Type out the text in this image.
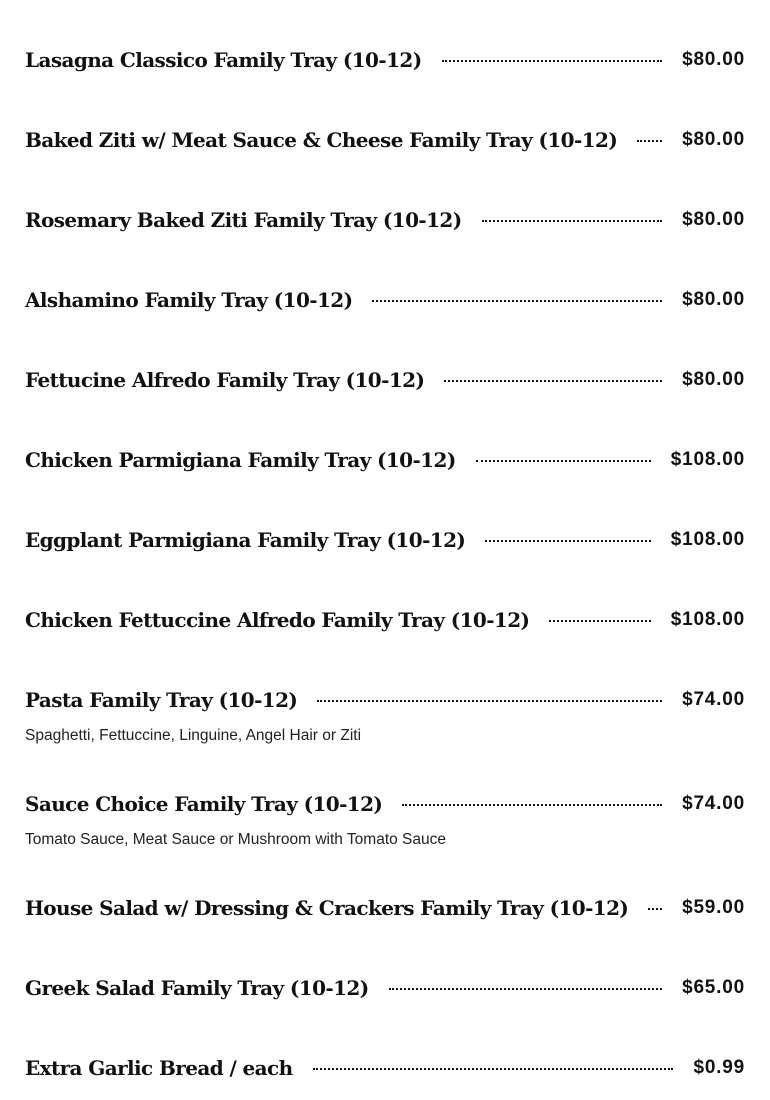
Lasagna Classico Family Tray (10-12)	$80.00
Baked Ziti w/ Meat Sauce & Cheese Family Tray (10-12)	$80.00
Rosemary Baked Ziti Family Tray (10-12)	$80.00
Alshamino Family Tray (10-12)	$80.00
Fettucine Alfredo Family Tray (10-12)	$80.00
Chicken Parmigiana Family Tray (10-12)	$108.00
Eggplant Parmigiana Family Tray (10-12)	$108.00
Chicken Fettuccine Alfredo Family Tray (10-12)	$108.00
Pasta Family Tray (10-12)	$74.00
Spaghetti, Fettuccine, Linguine, Angel Hair or Ziti
Sauce Choice Family Tray (10-12)	$74.00
Tomato Sauce, Meat Sauce or Mushroom with Tomato Sauce
House Salad w/ Dressing & Crackers Family Tray (10-12)	$59.00
Greek Salad Family Tray (10-12)	$65.00
Extra Garlic Bread / each	$0.99
